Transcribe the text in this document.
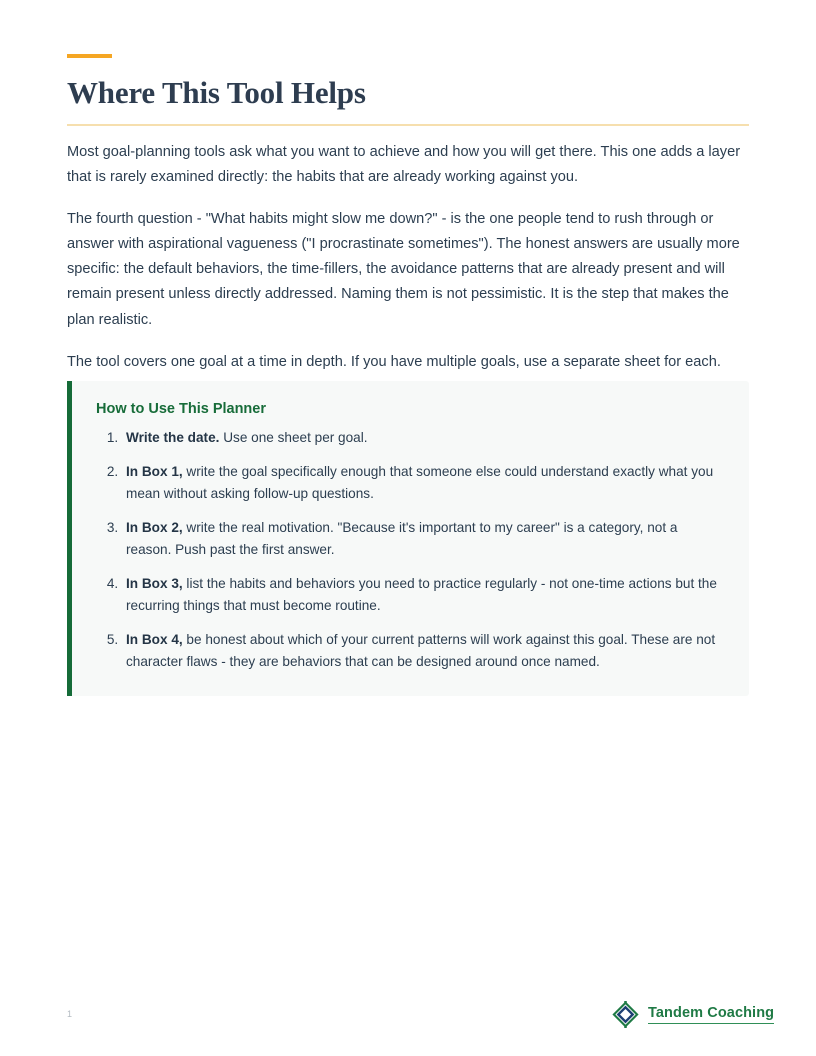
Where This Tool Helps

Most goal-planning tools ask what you want to achieve and how you will get there. This one adds a layer that is rarely examined directly: the habits that are already working against you.

The fourth question - "What habits might slow me down?" - is the one people tend to rush through or answer with aspirational vagueness ("I procrastinate sometimes"). The honest answers are usually more specific: the default behaviors, the time-fillers, the avoidance patterns that are already present and will remain present unless directly addressed. Naming them is not pessimistic. It is the step that makes the plan realistic.

The tool covers one goal at a time in depth. If you have multiple goals, use a separate sheet for each.

How to Use This Planner
1. Write the date. Use one sheet per goal.
2. In Box 1, write the goal specifically enough that someone else could understand exactly what you mean without asking follow-up questions.
3. In Box 2, write the real motivation. "Because it's important to my career" is a category, not a reason. Push past the first answer.
4. In Box 3, list the habits and behaviors you need to practice regularly - not one-time actions but the recurring things that must become routine.
5. In Box 4, be honest about which of your current patterns will work against this goal. These are not character flaws - they are behaviors that can be designed around once named.
1	Tandem Coaching
